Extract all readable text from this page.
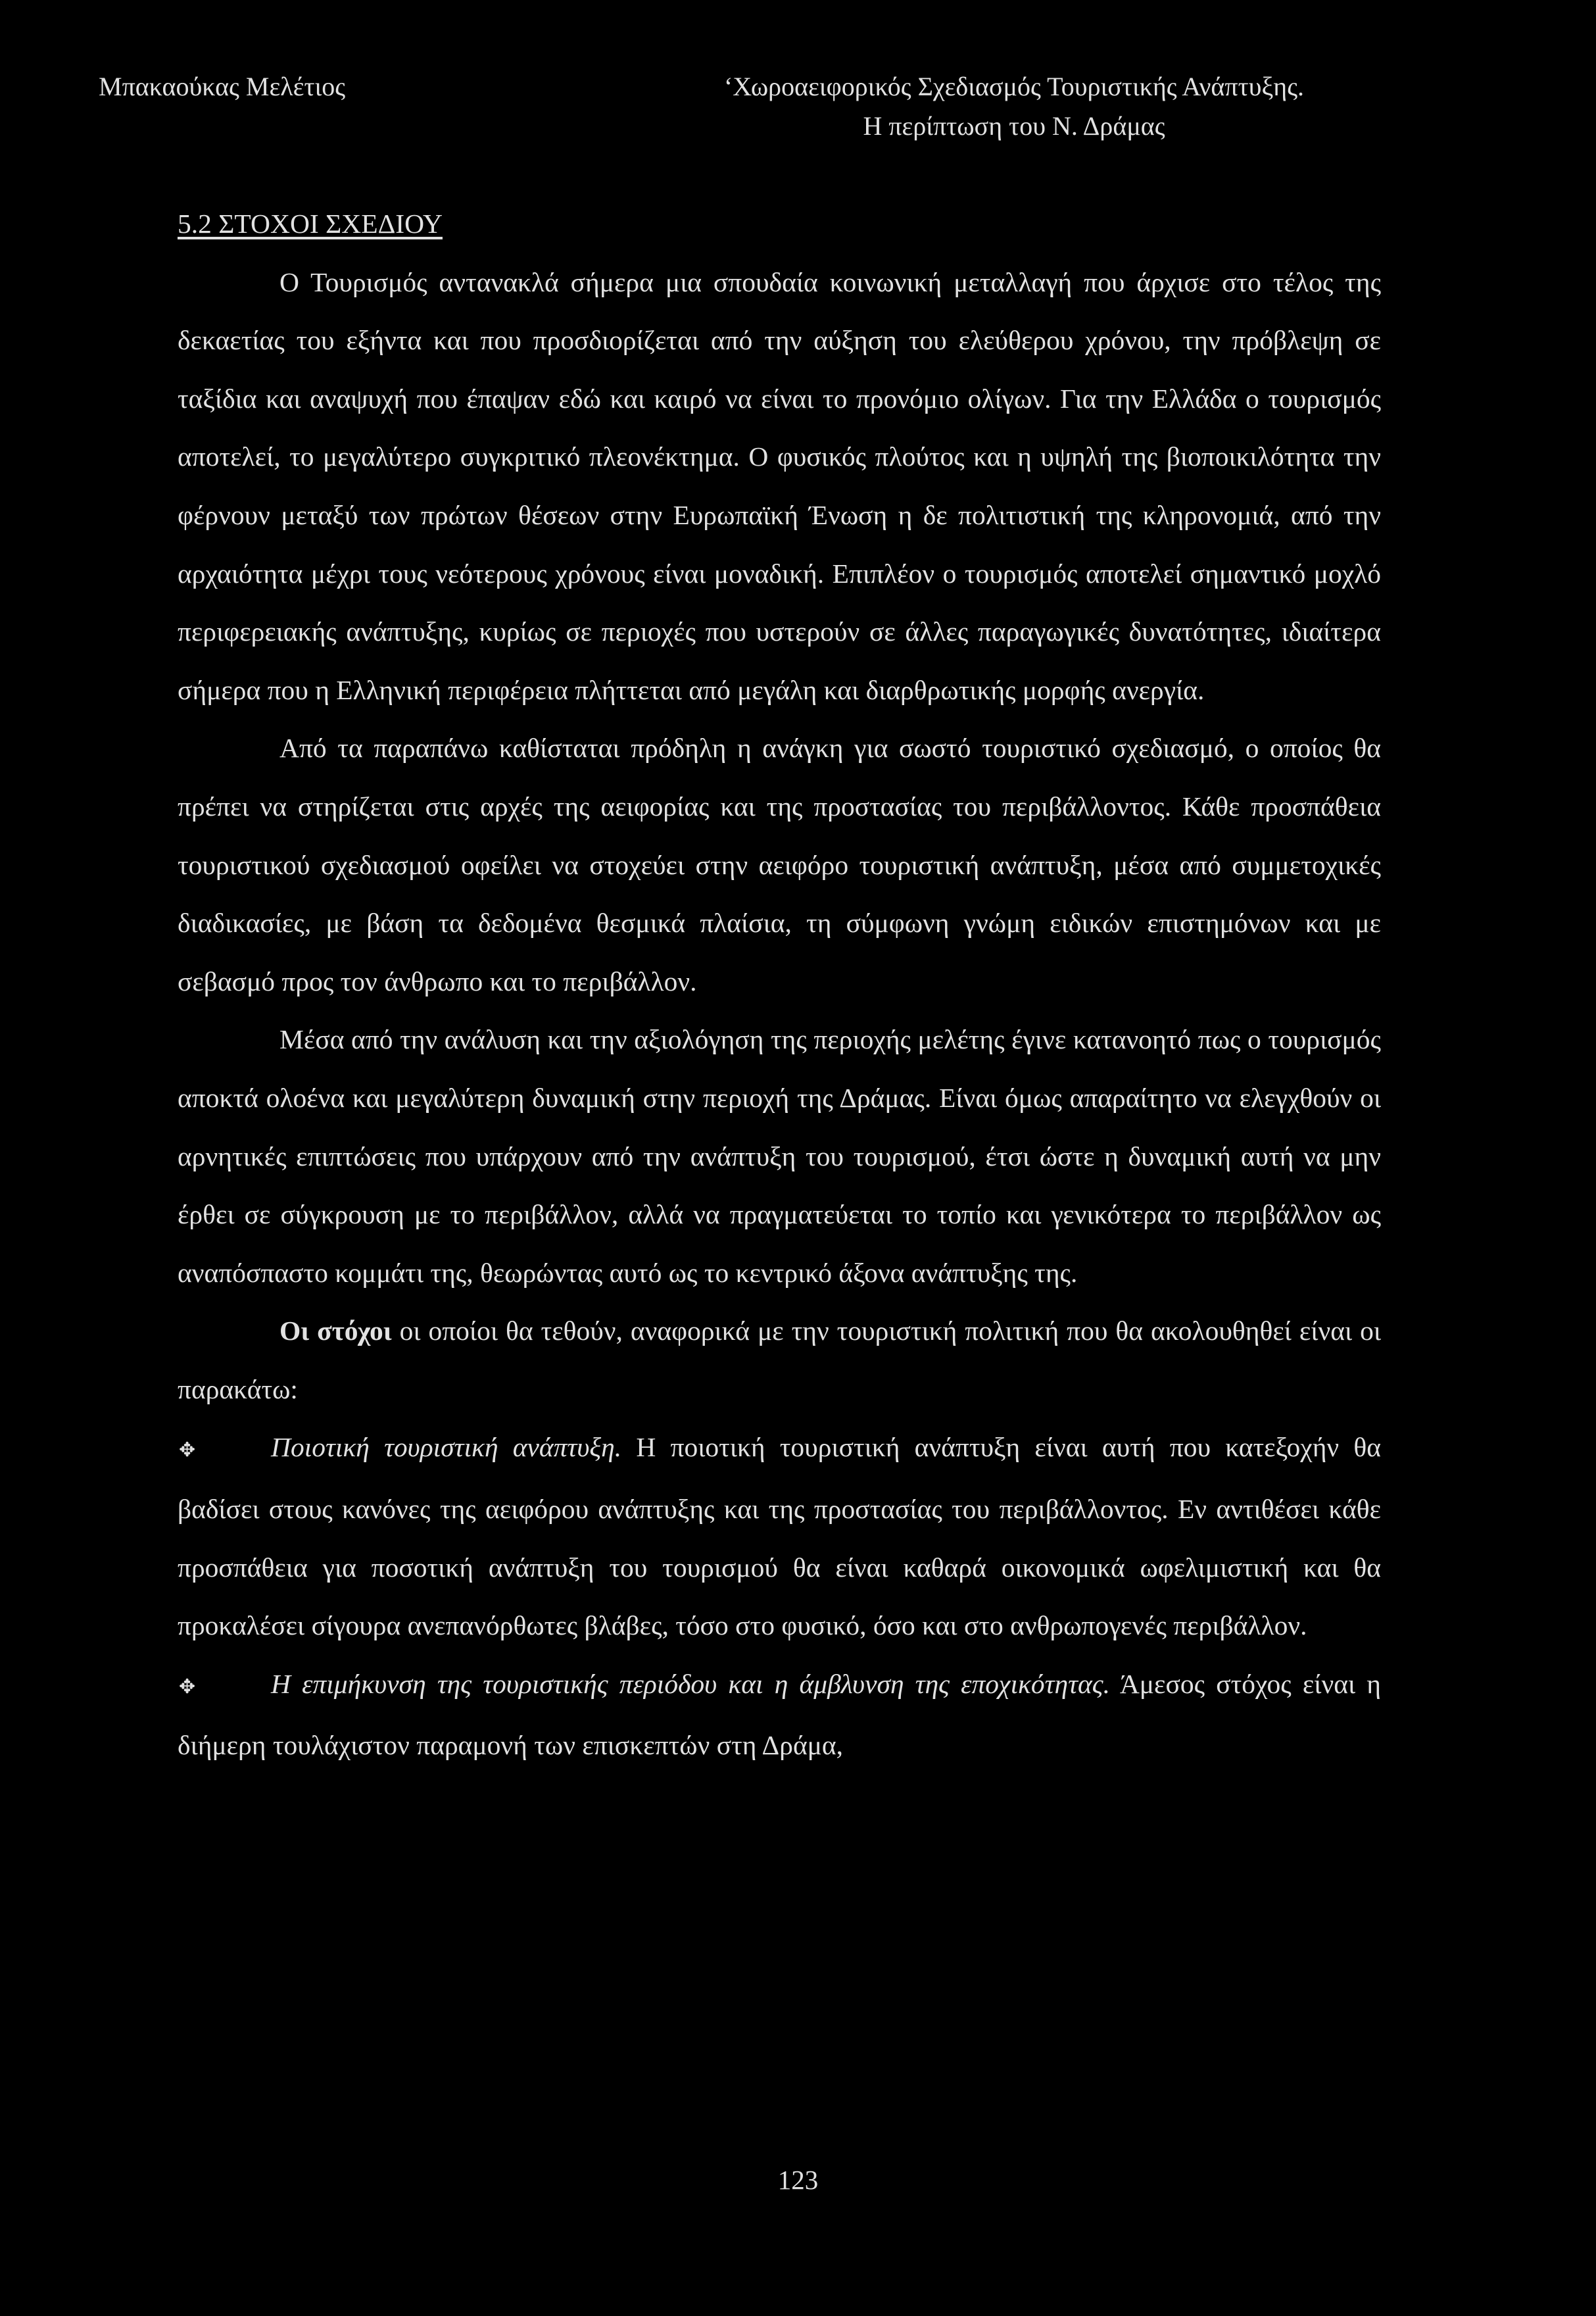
Μπακαούκας Μελέτιος	‘Χωροαειφορικός Σχεδιασμός Τουριστικής Ανάπτυξης.
Η περίπτωση του Ν. Δράμας
5.2 ΣΤΟΧΟΙ ΣΧΕΔΙΟΥ

Ο Τουρισμός αντανακλά σήμερα μια σπουδαία κοινωνική μεταλλαγή που άρχισε στο τέλος της δεκαετίας του εξήντα και που προσδιορίζεται από την αύξηση του ελεύθερου χρόνου, την πρόβλεψη σε ταξίδια και αναψυχή που έπαψαν εδώ και καιρό να είναι το προνόμιο ολίγων. Για την Ελλάδα ο τουρισμός αποτελεί, το μεγαλύτερο συγκριτικό πλεονέκτημα. Ο φυσικός πλούτος και η υψηλή της βιοποικιλότητα την φέρνουν μεταξύ των πρώτων θέσεων στην Ευρωπαϊκή Ένωση η δε πολιτιστική της κληρονομιά, από την αρχαιότητα μέχρι τους νεότερους χρόνους είναι μοναδική. Επιπλέον ο τουρισμός αποτελεί σημαντικό μοχλό περιφερειακής ανάπτυξης, κυρίως σε περιοχές που υστερούν σε άλλες παραγωγικές δυνατότητες, ιδιαίτερα σήμερα που η Ελληνική περιφέρεια πλήττεται από μεγάλη και διαρθρωτικής μορφής ανεργία.

Από τα παραπάνω καθίσταται πρόδηλη η ανάγκη για σωστό τουριστικό σχεδιασμό, ο οποίος θα πρέπει να στηρίζεται στις αρχές της αειφορίας και της προστασίας του περιβάλλοντος. Κάθε προσπάθεια τουριστικού σχεδιασμού οφείλει να στοχεύει στην αειφόρο τουριστική ανάπτυξη, μέσα από συμμετοχικές διαδικασίες, με βάση τα δεδομένα θεσμικά πλαίσια, τη σύμφωνη γνώμη ειδικών επιστημόνων και με σεβασμό προς τον άνθρωπο και το περιβάλλον.

Μέσα από την ανάλυση και την αξιολόγηση της περιοχής μελέτης έγινε κατανοητό πως ο τουρισμός αποκτά ολοένα και μεγαλύτερη δυναμική στην περιοχή της Δράμας. Είναι όμως απαραίτητο να ελεγχθούν οι αρνητικές επιπτώσεις που υπάρχουν από την ανάπτυξη του τουρισμού, έτσι ώστε η δυναμική αυτή να μην έρθει σε σύγκρουση με το περιβάλλον, αλλά να πραγματεύεται το τοπίο και γενικότερα το περιβάλλον ως αναπόσπαστο κομμάτι της, θεωρώντας αυτό ως το κεντρικό άξονα ανάπτυξης της.

Οι στόχοι οι οποίοι θα τεθούν, αναφορικά με την τουριστική πολιτική που θα ακολουθηθεί είναι οι παρακάτω:

✥	Ποιοτική τουριστική ανάπτυξη. Η ποιοτική τουριστική ανάπτυξη είναι αυτή που κατεξοχήν θα βαδίσει στους κανόνες της αειφόρου ανάπτυξης και της προστασίας του περιβάλλοντος. Εν αντιθέσει κάθε προσπάθεια για ποσοτική ανάπτυξη του τουρισμού θα είναι καθαρά οικονομικά ωφελιμιστική και θα προκαλέσει σίγουρα ανεπανόρθωτες βλάβες, τόσο στο φυσικό, όσο και στο ανθρωπογενές περιβάλλον.

✥	Η επιμήκυνση της τουριστικής περιόδου και η άμβλυνση της εποχικότητας. Άμεσος στόχος είναι η διήμερη τουλάχιστον παραμονή των επισκεπτών στη Δράμα,

123
